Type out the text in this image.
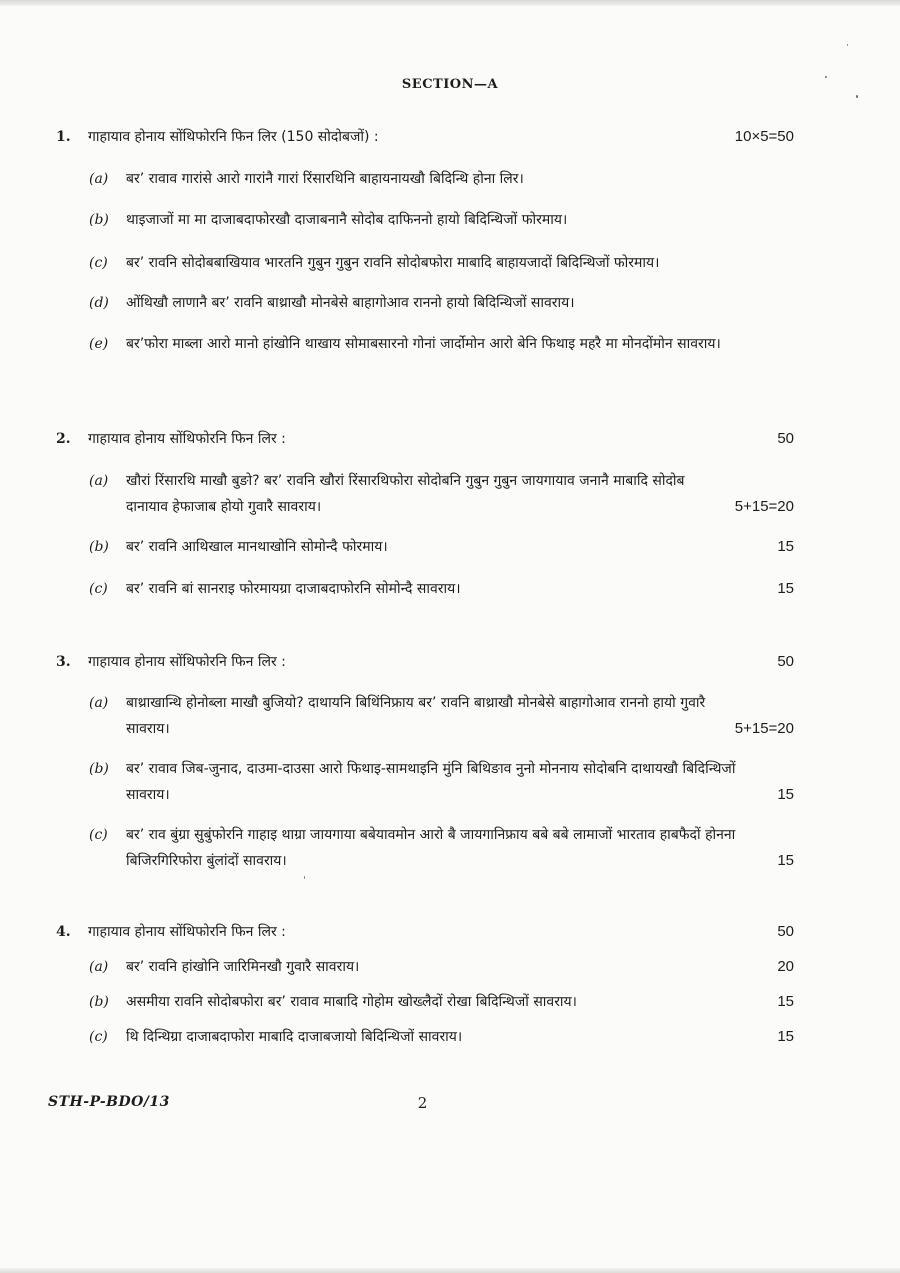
SECTION—A
1.	गाहायाव होनाय सोंथिफोरनि फिन लिर (150 सोदोबजों) :	10×5=50
(a)	बर’ रावाव गारांसे आरो गारांनै गारां रिंसारथिनि बाहायनायखौ बिदिन्थि होना लिर।
(b)	थाइजाजों मा मा दाजाबदाफोरखौ दाजाबनानै सोदोब दाफिननो हायो बिदिन्थिजों फोरमाय।
(c)	बर’ रावनि सोदोबबाखियाव भारतनि गुबुन गुबुन रावनि सोदोबफोरा माबादि बाहायजादों बिदिन्थिजों फोरमाय।
(d)	ओंथिखौ लाणानै बर’ रावनि बाथ्राखौ मोनबेसे बाहागोआव राननो हायो बिदिन्थिजों सावराय।
(e)	बर’फोरा माब्ला आरो मानो हांखोनि थाखाय सोमाबसारनो गोनां जार्दोमोन आरो बेनि फिथाइ महरै मा मोनदोंमोन सावराय।
2.	गाहायाव होनाय सोंथिफोरनि फिन लिर :	50
(a)	खौरां रिंसारथि माखौ बुङो? बर’ रावनि खौरां रिंसारथिफोरा सोदोबनि गुबुन गुबुन जायगायाव जनानै माबादि सोदोब दानायाव हेफाजाब होयो गुवारै सावराय।	5+15=20
(b)	बर’ रावनि आथिखाल मानथाखोनि सोमोन्दै फोरमाय।	15
(c)	बर’ रावनि बां सानराइ फोरमायग्रा दाजाबदाफोरनि सोमोन्दै सावराय।	15
3.	गाहायाव होनाय सोंथिफोरनि फिन लिर :	50
(a)	बाथ्राखान्थि होनोब्ला माखौ बुजियो? दाथायनि बिथिंनिफ्राय बर’ रावनि बाथ्राखौ मोनबेसे बाहागोआव राननो हायो गुवारै सावराय।	5+15=20
(b)	बर’ रावाव जिब-जुनाद, दाउमा-दाउसा आरो फिथाइ-सामथाइनि मुंनि बिथिङाव नुनो मोननाय सोदोबनि दाथायखौ बिदिन्थिजों सावराय।	15
(c)	बर’ राव बुंग्रा सुबुंफोरनि गाहाइ थाग्रा जायगाया बबेयावमोन आरो बै जायगानिफ्राय बबे बबे लामाजों भारताव हाबफैदों होनना बिजिरगिरिफोरा बुंलांदों सावराय।	15
4.	गाहायाव होनाय सोंथिफोरनि फिन लिर :	50
(a)	बर’ रावनि हांखोनि जारिमिनखौ गुवारै सावराय।	20
(b)	असमीया रावनि सोदोबफोरा बर’ रावाव माबादि गोहोम खोख्लैदों रोखा बिदिन्थिजों सावराय।	15
(c)	थि दिन्थिग्रा दाजाबदाफोरा माबादि दाजाबजायो बिदिन्थिजों सावराय।	15
STH-P-BDO/13	2
